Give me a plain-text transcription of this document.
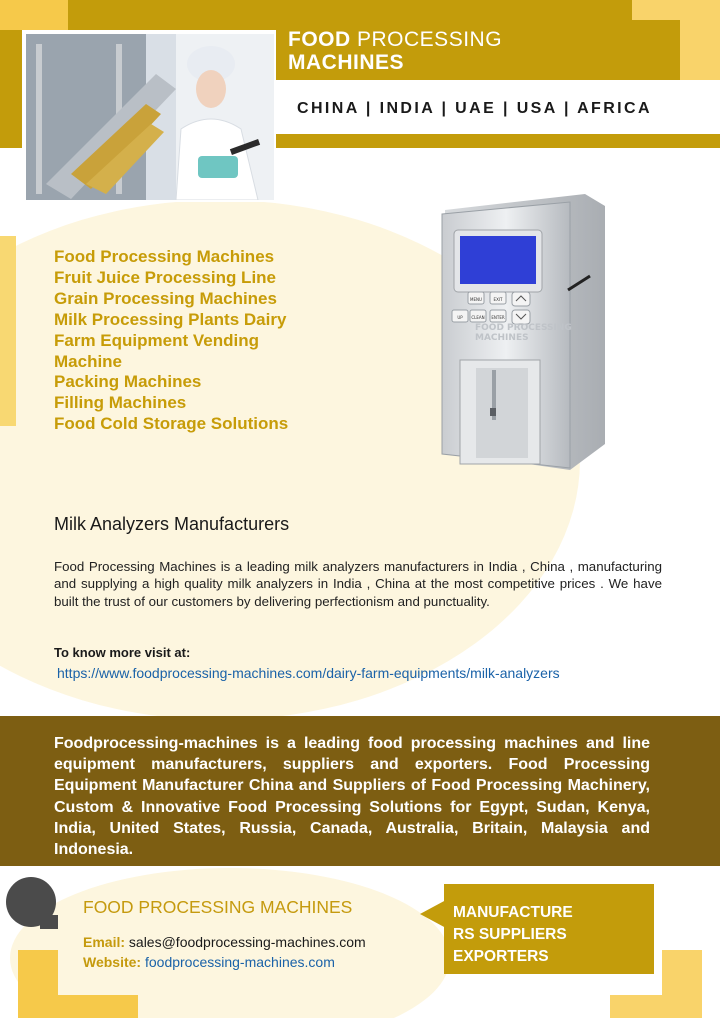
FOOD PROCESSING
MACHINES
CHINA | INDIA | UAE | USA | AFRICA
Food Processing Machines
Fruit Juice Processing Line
Grain Processing Machines
Milk Processing Plants Dairy
Farm Equipment Vending
Machine
Packing Machines
Filling Machines
Food Cold Storage Solutions
MENU	EXIT
UP CLEAN ENTER
FOOD PROCESSING
MACHINES
Milk Analyzers Manufacturers
Food Processing Machines is a leading milk analyzers manufacturers in India , China , manufacturing and supplying a high quality milk analyzers in India , China at the most competitive prices . We have built the trust of our customers by delivering perfectionism and punctuality.
To know more visit at:
https://www.foodprocessing-machines.com/dairy-farm-equipments/milk-analyzers
Foodprocessing-machines is a leading food processing machines and line equipment manufacturers, suppliers and exporters. Food Processing Equipment Manufacturer China and Suppliers of Food Processing Machinery, Custom & Innovative Food Processing Solutions for Egypt, Sudan, Kenya, India, United States, Russia, Canada, Australia, Britain, Malaysia and Indonesia.
FOOD PROCESSING MACHINES
Email: sales@foodprocessing-machines.com
Website: foodprocessing-machines.com
MANUFACTURE
RS SUPPLIERS
EXPORTERS
